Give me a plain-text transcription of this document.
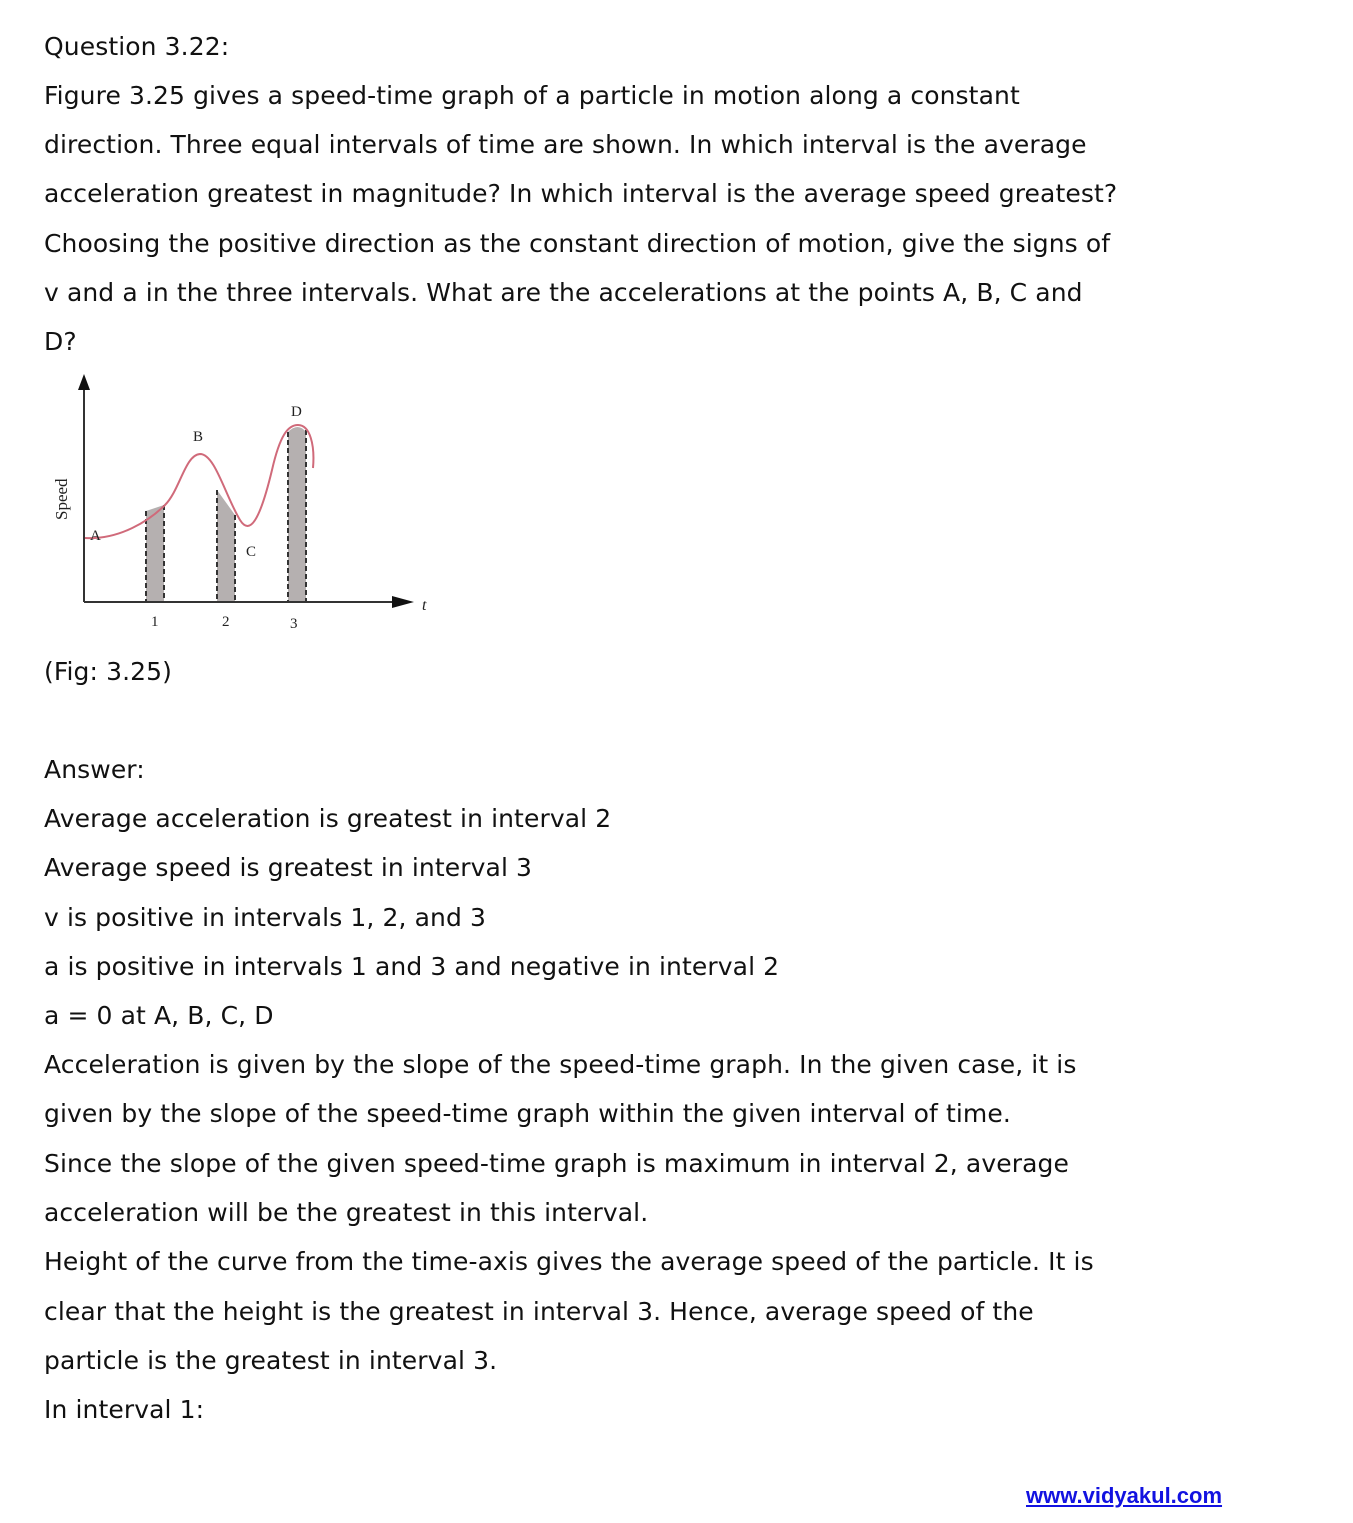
Question 3.22:
Figure 3.25 gives a speed-time graph of a particle in motion along a constant
direction. Three equal intervals of time are shown. In which interval is the average
acceleration greatest in magnitude? In which interval is the average speed greatest?
Choosing the positive direction as the constant direction of motion, give the signs of
v and a in the three intervals. What are the accelerations at the points A, B, C and
D?
Speed
t
A
B
C
D
1	2	3
(Fig: 3.25)
Answer:
Average acceleration is greatest in interval 2
Average speed is greatest in interval 3
v is positive in intervals 1, 2, and 3
a is positive in intervals 1 and 3 and negative in interval 2
a = 0 at A, B, C, D
Acceleration is given by the slope of the speed-time graph. In the given case, it is
given by the slope of the speed-time graph within the given interval of time.
Since the slope of the given speed-time graph is maximum in interval 2, average
acceleration will be the greatest in this interval.
Height of the curve from the time-axis gives the average speed of the particle. It is
clear that the height is the greatest in interval 3. Hence, average speed of the
particle is the greatest in interval 3.
In interval 1:
www.vidyakul.com
